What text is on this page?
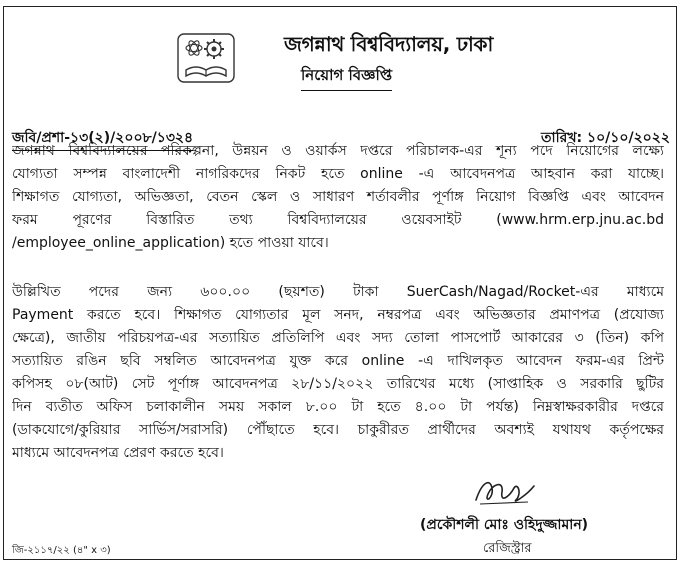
জগন্নাথ বিশ্ববিদ্যালয়, ঢাকা
নিয়োগ বিজ্ঞপ্তি
জবি/প্রশা-১৩(২)/২০০৮/১৩২৪	তারিখ: ১০/১০/২০২২
জগন্নাথ বিশ্ববিদ্যালয়ের পরিকল্পনা, উন্নয়ন ও ওয়ার্কস দপ্তরে পরিচালক-এর শূন্য পদে নিয়োগের লক্ষ্যে
যোগ্যতা সম্পন্ন বাংলাদেশী নাগরিকদের নিকট হতে online -এ আবেদনপত্র আহবান করা যাচ্ছে।
শিক্ষাগত যোগ্যতা, অভিজ্ঞতা, বেতন স্কেল ও সাধারণ শর্তাবলীর পূর্ণাঙ্গ নিয়োগ বিজ্ঞপ্তি এবং আবেদন
ফরম পূরণের বিস্তারিত তথ্য বিশ্ববিদ্যালয়ের ওয়েবসাইট (www.hrm.erp.jnu.ac.bd
/employee_online_application) হতে পাওয়া যাবে।
উল্লিখিত পদের জন্য ৬০০.০০ (ছয়শত) টাকা SuerCash/Nagad/Rocket-এর মাধ্যমে
Payment করতে হবে। শিক্ষাগত যোগ্যতার মূল সনদ, নম্বরপত্র এবং অভিজ্ঞতার প্রমাণপত্র (প্রযোজ্য
ক্ষেত্রে), জাতীয় পরিচয়পত্র-এর সত্যায়িত প্রতিলিপি এবং সদ্য তোলা পাসপোর্ট আকারের ৩ (তিন) কপি
সত্যায়িত রঙিন ছবি সম্বলিত আবেদনপত্র যুক্ত করে online -এ দাখিলকৃত আবেদন ফরম-এর প্রিন্ট
কপিসহ ০৮(আট) সেট পূর্ণাঙ্গ আবেদনপত্র ২৮/১১/২০২২ তারিখের মধ্যে (সাপ্তাহিক ও সরকারি ছুটির
দিন ব্যতীত অফিস চলাকালীন সময় সকাল ৮.০০ টা হতে ৪.০০ টা পর্যন্ত) নিম্নস্বাক্ষরকারীর দপ্তরে
(ডাকযোগে/কুরিয়ার সার্ভিস/সরাসরি) পৌঁছাতে হবে। চাকুরীরত প্রার্থীদের অবশ্যই যথাযথ কর্তৃপক্ষের
মাধ্যমে আবেদনপত্র প্রেরণ করতে হবে।
(প্রকৌশলী মোঃ ওহিদুজ্জামান)
রেজিস্ট্রার
জি-২১১৭/২২ (৪" x ৩)
